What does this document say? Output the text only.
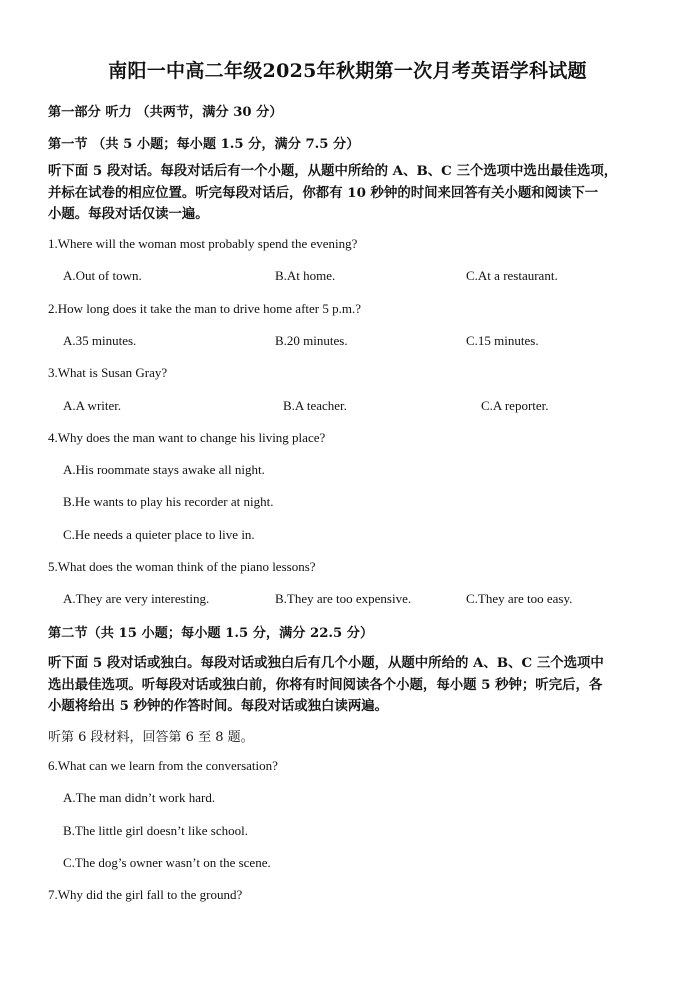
南阳一中高二年级2025年秋期第一次月考英语学科试题
第一部分 听力 （共两节，满分 30 分）
第一节 （共 5 小题；每小题 1.5 分，满分 7.5 分）
听下面 5 段对话。每段对话后有一个小题，从题中所给的 A、B、C 三个选项中选出最佳选项，
并标在试卷的相应位置。听完每段对话后，你都有 10 秒钟的时间来回答有关小题和阅读下一
小题。每段对话仅读一遍。
1.Where will the woman most probably spend the evening?
A.Out of town.	B.At home.	C.At a restaurant.
2.How long does it take the man to drive home after 5 p.m.?
A.35 minutes.	B.20 minutes.	C.15 minutes.
3.What is Susan Gray?
A.A writer.	B.A teacher.	C.A reporter.
4.Why does the man want to change his living place?
A.His roommate stays awake all night.
B.He wants to play his recorder at night.
C.He needs a quieter place to live in.
5.What does the woman think of the piano lessons?
A.They are very interesting.	B.They are too expensive.	C.They are too easy.
第二节（共 15 小题；每小题 1.5 分，满分 22.5 分）
听下面 5 段对话或独白。每段对话或独白后有几个小题，从题中所给的 A、B、C 三个选项中
选出最佳选项。听每段对话或独白前，你将有时间阅读各个小题，每小题 5 秒钟；听完后，各
小题将给出 5 秒钟的作答时间。每段对话或独白读两遍。
听第 6 段材料，回答第 6 至 8 题。
6.What can we learn from the conversation?
A.The man didn’t work hard.
B.The little girl doesn’t like school.
C.The dog’s owner wasn’t on the scene.
7.Why did the girl fall to the ground?
